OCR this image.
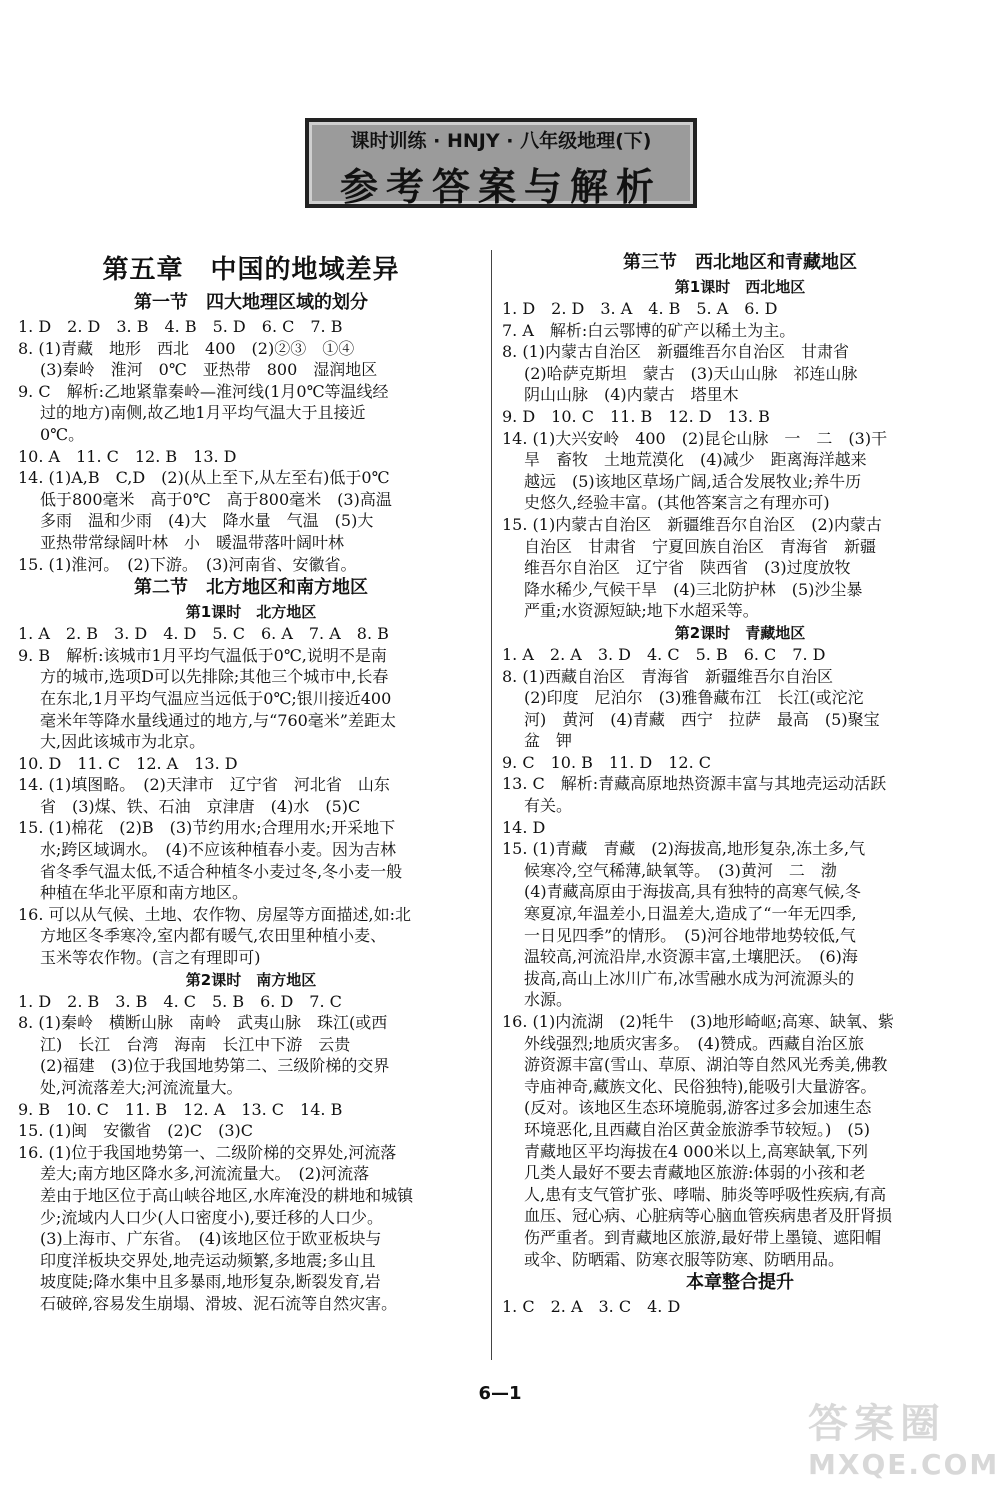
课时训练 · HNJY · 八年级地理(下)
参考答案与解析
第五章　中国的地域差异
第一节　四大地理区域的划分
1. D　2. D　3. B　4. B　5. D　6. C　7. B
8. (1)青藏　地形　西北　400　(2)②③　①④
(3)秦岭　淮河　0℃　亚热带　800　湿润地区
9. C　解析:乙地紧靠秦岭—淮河线(1月0℃等温线经
过的地方)南侧,故乙地1月平均气温大于且接近
0℃。
10. A　11. C　12. B　13. D
14. (1)A,B　C,D　(2)(从上至下,从左至右)低于0℃
低于800毫米　高于0℃　高于800毫米　(3)高温
多雨　温和少雨　(4)大　降水量　气温　(5)大
亚热带常绿阔叶林　小　暖温带落叶阔叶林
15. (1)淮河。　(2)下游。　(3)河南省、安徽省。
第二节　北方地区和南方地区
第1课时　北方地区
1. A　2. B　3. D　4. D　5. C　6. A　7. A　8. B
9. B　解析:该城市1月平均气温低于0℃,说明不是南
方的城市,选项D可以先排除;其他三个城市中,长春
在东北,1月平均气温应当远低于0℃;银川接近400
毫米年等降水量线通过的地方,与“760毫米”差距太
大,因此该城市为北京。
10. D　11. C　12. A　13. D
14. (1)填图略。　(2)天津市　辽宁省　河北省　山东
省　(3)煤、铁、石油　京津唐　(4)水　(5)C
15. (1)棉花　(2)B　(3)节约用水;合理用水;开采地下
水;跨区域调水。　(4)不应该种植春小麦。因为吉林
省冬季气温太低,不适合种植冬小麦过冬,冬小麦一般
种植在华北平原和南方地区。
16. 可以从气候、土地、农作物、房屋等方面描述,如:北
方地区冬季寒冷,室内都有暖气,农田里种植小麦、
玉米等农作物。(言之有理即可)
第2课时　南方地区
1. D　2. B　3. B　4. C　5. B　6. D　7. C
8. (1)秦岭　横断山脉　南岭　武夷山脉　珠江(或西
江)　长江　台湾　海南　长江中下游　云贵
(2)福建　(3)位于我国地势第二、三级阶梯的交界
处,河流落差大;河流流量大。
9. B　10. C　11. B　12. A　13. C　14. B
15. (1)闽　安徽省　(2)C　(3)C
16. (1)位于我国地势第一、二级阶梯的交界处,河流落
差大;南方地区降水多,河流流量大。　(2)河流落
差由于地区位于高山峡谷地区,水库淹没的耕地和城镇
少;流域内人口少(人口密度小),要迁移的人口少。
(3)上海市、广东省。　(4)该地区位于欧亚板块与
印度洋板块交界处,地壳运动频繁,多地震;多山且
坡度陡;降水集中且多暴雨,地形复杂,断裂发育,岩
石破碎,容易发生崩塌、滑坡、泥石流等自然灾害。
第三节　西北地区和青藏地区
第1课时　西北地区
1. D　2. D　3. A　4. B　5. A　6. D
7. A　解析:白云鄂博的矿产以稀土为主。
8. (1)内蒙古自治区　新疆维吾尔自治区　甘肃省
(2)哈萨克斯坦　蒙古　(3)天山山脉　祁连山脉
阴山山脉　(4)内蒙古　塔里木
9. D　10. C　11. B　12. D　13. B
14. (1)大兴安岭　400　(2)昆仑山脉　一　二　(3)干
旱　畜牧　土地荒漠化　(4)减少　距离海洋越来
越远　(5)该地区草场广阔,适合发展牧业;养牛历
史悠久,经验丰富。(其他答案言之有理亦可)
15. (1)内蒙古自治区　新疆维吾尔自治区　(2)内蒙古
自治区　甘肃省　宁夏回族自治区　青海省　新疆
维吾尔自治区　辽宁省　陕西省　(3)过度放牧
降水稀少,气候干旱　(4)三北防护林　(5)沙尘暴
严重;水资源短缺;地下水超采等。
第2课时　青藏地区
1. A　2. A　3. D　4. C　5. B　6. C　7. D
8. (1)西藏自治区　青海省　新疆维吾尔自治区
(2)印度　尼泊尔　(3)雅鲁藏布江　长江(或沱沱
河)　黄河　(4)青藏　西宁　拉萨　最高　(5)聚宝
盆　钾
9. C　10. B　11. D　12. C
13. C　解析:青藏高原地热资源丰富与其地壳运动活跃
有关。
14. D
15. (1)青藏　青藏　(2)海拔高,地形复杂,冻土多,气
候寒冷,空气稀薄,缺氧等。　(3)黄河　二　渤
(4)青藏高原由于海拔高,具有独特的高寒气候,冬
寒夏凉,年温差小,日温差大,造成了“一年无四季,
一日见四季”的情形。　(5)河谷地带地势较低,气
温较高,河流沿岸,水资源丰富,土壤肥沃。　(6)海
拔高,高山上冰川广布,冰雪融水成为河流源头的
水源。
16. (1)内流湖　(2)牦牛　(3)地形崎岖;高寒、缺氧、紫
外线强烈;地质灾害多。　(4)赞成。西藏自治区旅
游资源丰富(雪山、草原、湖泊等自然风光秀美,佛教
寺庙神奇,藏族文化、民俗独特),能吸引大量游客。
(反对。该地区生态环境脆弱,游客过多会加速生态
环境恶化,且西藏自治区黄金旅游季节较短。)　(5)
青藏地区平均海拔在4 000米以上,高寒缺氧,下列
几类人最好不要去青藏地区旅游:体弱的小孩和老
人,患有支气管扩张、哮喘、肺炎等呼吸性疾病,有高
血压、冠心病、心脏病等心脑血管疾病患者及肝肾损
伤严重者。到青藏地区旅游,最好带上墨镜、遮阳帽
或伞、防晒霜、防寒衣服等防寒、防晒用品。
本章整合提升
1. C　2. A　3. C　4. D
6—1
答案圈
MXQE.COM
